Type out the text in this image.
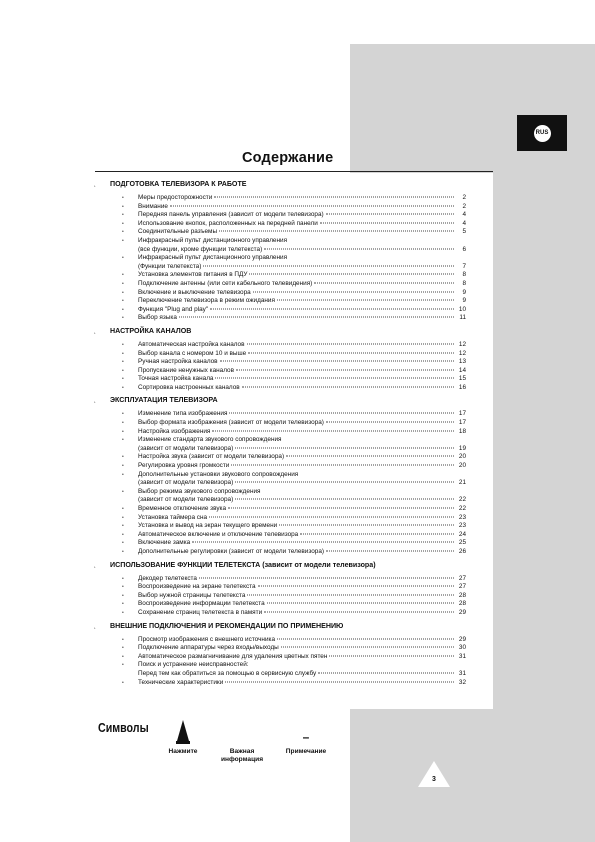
RUS
Содержание
¸	ПОДГОТОВКА ТЕЛЕВИЗОРА К РАБОТЕ
•	Меры предосторожности	2
•	Внимание	2
•	Передняя панель управления (зависит от модели телевизора)	4
•	Использование кнопок, расположенных на передней панели	4
•	Соединительные разъемы	5
•	Инфракрасный пульт дистанционного управления
(все функции, кроме функции телетекста)	6
•	Инфракрасный пульт дистанционного управления
(Функции телетекста)	7
•	Установка элементов питания в ПДУ	8
•	Подключение антенны (или сети кабельного телевидения)	8
•	Включение и выключение телевизора	9
•	Переключение телевизора в режим ожидания	9
•	Функция "Plug and play"	10
•	Выбор языка	11
¸	НАСТРОЙКА КАНАЛОВ
•	Автоматическая настройка каналов	12
•	Выбор канала с номером 10 и выше	12
•	Ручная настройка каналов	13
•	Пропускание ненужных каналов	14
•	Точная настройка канала	15
•	Сортировка настроенных каналов	16
¸	ЭКСПЛУАТАЦИЯ ТЕЛЕВИЗОРА
•	Изменение типа изображения	17
•	Выбор формата изображения (зависит от модели телевизора)	17
•	Настройка изображения	18
•	Изменение стандарта звукового сопровождения
(зависит от модели телевизора)	19
•	Настройка звука (зависит от модели телевизора)	20
•	Регулировка уровня громкости	20
•	Дополнительные установки звукового сопровождения
(зависит от модели телевизора)	21
•	Выбор режима звукового сопровождения
(зависит от модели телевизора)	22
•	Временное отключение звука	22
•	Установка таймера сна	23
•	Установка и вывод на экран текущего времени	23
•	Автоматическое включение и отключение телевизора	24
•	Включение замка	25
•	Дополнительные регулировки (зависит от модели телевизора)	26
¸	ИСПОЛЬЗОВАНИЕ ФУНКЦИИ ТЕЛЕТЕКСТА (зависит от модели телевизора)
•	Декодер телетекста	27
•	Воспроизведение на экране телетекста	27
•	Выбор нужной страницы телетекста	28
•	Воспроизведение информации телетекста	28
•	Сохранение страниц телетекста в памяти	29
¸	ВНЕШНИЕ ПОДКЛЮЧЕНИЯ И РЕКОМЕНДАЦИИ ПО ПРИМЕНЕНИЮ
•	Просмотр изображения с внешнего источника	29
•	Подключение аппаратуры через входы/выходы	30
•	Автоматическое размагничивание для удаления цветных пятен	31
•	Поиск и устранение неисправностей:
Перед тем как обратиться за помощью в сервисную службу	31
•	Технические характеристики	32
Символы
Нажмите	Важная информация
–
Примечание
3
